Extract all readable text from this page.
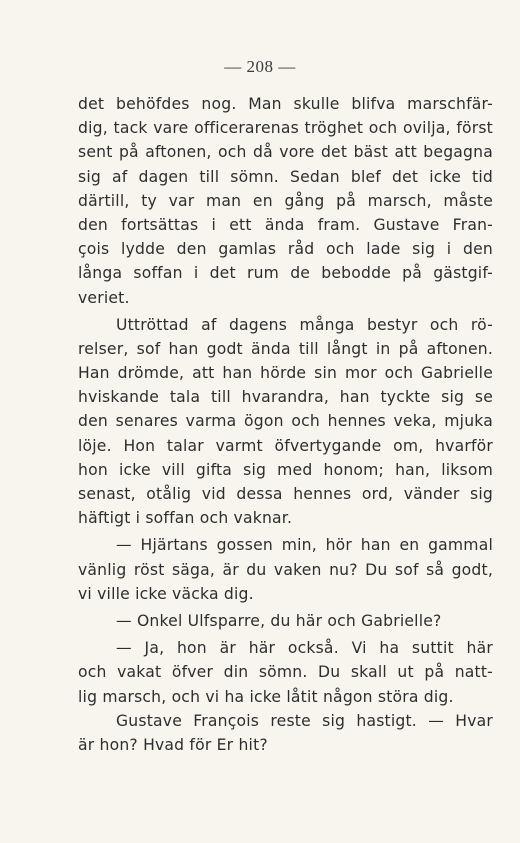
— 208 —
det behöfdes nog. Man skulle blifva marschfär-
dig, tack vare officerarenas tröghet och ovilja, först
sent på aftonen, och då vore det bäst att begagna
sig af dagen till sömn. Sedan blef det icke tid
därtill, ty var man en gång på marsch, måste
den fortsättas i ett ända fram. Gustave Fran-
çois lydde den gamlas råd och lade sig i den
långa soffan i det rum de bebodde på gästgif-
veriet.
Uttröttad af dagens många bestyr och rö-
relser, sof han godt ända till långt in på aftonen.
Han drömde, att han hörde sin mor och Gabrielle
hviskande tala till hvarandra, han tyckte sig se
den senares varma ögon och hennes veka, mjuka
löje. Hon talar varmt öfvertygande om, hvarför
hon icke vill gifta sig med honom; han, liksom
senast, otålig vid dessa hennes ord, vänder sig
häftigt i soffan och vaknar.
— Hjärtans gossen min, hör han en gammal
vänlig röst säga, är du vaken nu? Du sof så godt,
vi ville icke väcka dig.
— Onkel Ulfsparre, du här och Gabrielle?
— Ja, hon är här också. Vi ha suttit här
och vakat öfver din sömn. Du skall ut på natt-
lig marsch, och vi ha icke låtit någon störa dig.
Gustave François reste sig hastigt. — Hvar
är hon? Hvad för Er hit?
